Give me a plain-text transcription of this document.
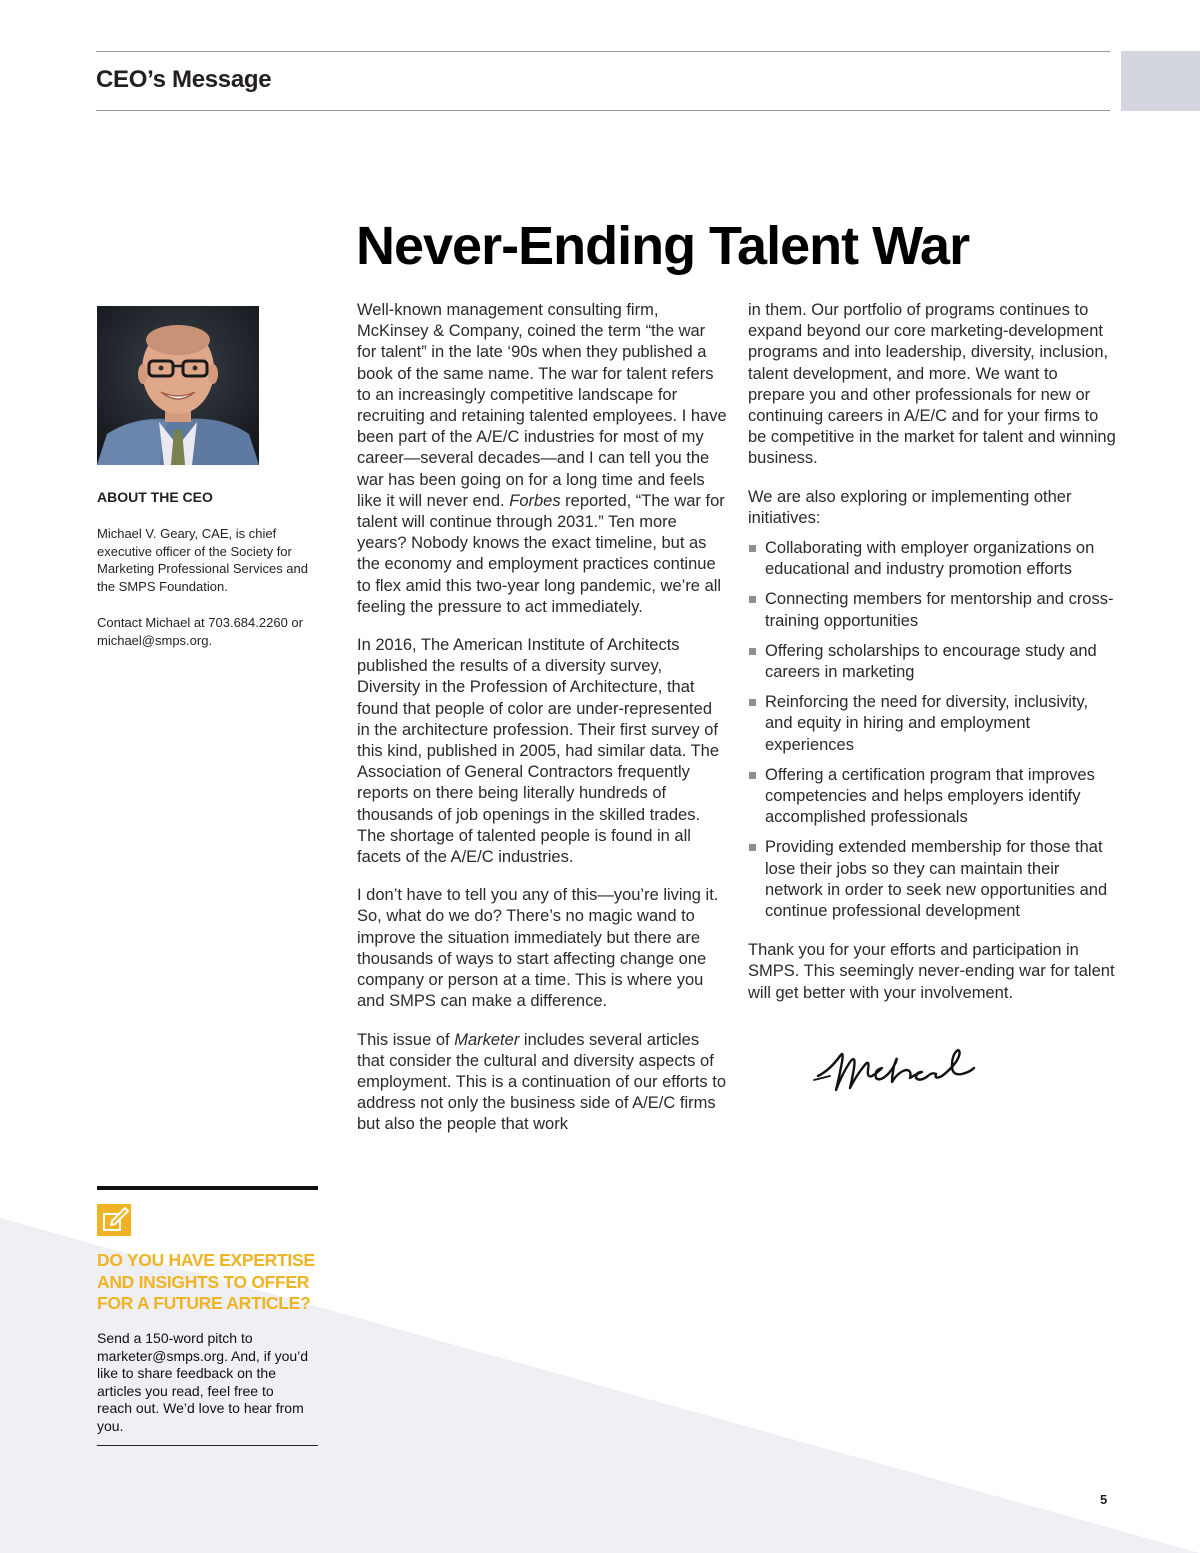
CEO’s Message
Never-Ending Talent War
ABOUT THE CEO

Michael V. Geary, CAE, is chief executive officer of the Society for Marketing Professional Services and the SMPS Foundation.

Contact Michael at 703.684.2260 or michael@smps.org.

Well-known management consulting firm, McKinsey & Company, coined the term “the war for talent” in the late ‘90s when they published a book of the same name. The war for talent refers to an increasingly competitive landscape for recruiting and retaining talented employees. I have been part of the A/E/C industries for most of my career—several decades—and I can tell you the war has been going on for a long time and feels like it will never end. Forbes reported, “The war for talent will continue through 2031.” Ten more years? Nobody knows the exact timeline, but as the economy and employment practices continue to flex amid this two-year long pandemic, we’re all feeling the pressure to act immediately.

In 2016, The American Institute of Architects published the results of a diversity survey, Diversity in the Profession of Architecture, that found that people of color are under-represented in the architecture profession. Their first survey of this kind, published in 2005, had similar data. The Association of General Contractors frequently reports on there being literally hundreds of thousands of job openings in the skilled trades. The shortage of talented people is found in all facets of the A/E/C industries.

I don’t have to tell you any of this—you’re living it. So, what do we do? There’s no magic wand to improve the situation immediately but there are thousands of ways to start affecting change one company or person at a time. This is where you and SMPS can make a difference.

This issue of Marketer includes several articles that consider the cultural and diversity aspects of employment. This is a continuation of our efforts to address not only the business side of A/E/C firms but also the people that work

in them. Our portfolio of programs continues to expand beyond our core marketing-development programs and into leadership, diversity, inclusion, talent development, and more. We want to prepare you and other professionals for new or continuing careers in A/E/C and for your firms to be competitive in the market for talent and winning business.

We are also exploring or implementing other initiatives:

Collaborating with employer organizations on educational and industry promotion efforts
Connecting members for mentorship and cross-training opportunities
Offering scholarships to encourage study and careers in marketing
Reinforcing the need for diversity, inclusivity, and equity in hiring and employment experiences
Offering a certification program that improves competencies and helps employers identify accomplished professionals
Providing extended membership for those that lose their jobs so they can maintain their network in order to seek new opportunities and continue professional development

Thank you for your efforts and participation in SMPS. This seemingly never-ending war for talent will get better with your involvement.

DO YOU HAVE EXPERTISE AND INSIGHTS TO OFFER FOR A FUTURE ARTICLE?

Send a 150-word pitch to marketer@smps.org. And, if you’d like to share feedback on the articles you read, feel free to reach out. We’d love to hear from you.

5
